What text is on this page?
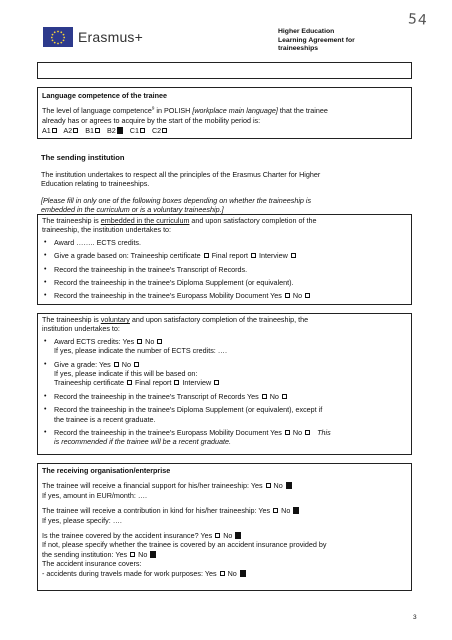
54
Erasmus+	Higher Education
Learning Agreement for
traineeships
Language competence of the trainee
The level of language competence$^9$ in POLISH [workplace main language] that the trainee
already has or agrees to acquire by the start of the mobility period is:
A1 A2 B1 B2 C1 C2
The sending institution
The institution undertakes to respect all the principles of the Erasmus Charter for Higher
Education relating to traineeships.
[Please fill in only one of the following boxes depending on whether the traineeship is
embedded in the curriculum or is a voluntary traineeship.]
The traineeship is embedded in the curriculum and upon satisfactory completion of the
traineeship, the institution undertakes to:
• Award …….. ECTS credits.
• Give a grade based on: Traineeship certificate Final report Interview
• Record the traineeship in the trainee's Transcript of Records.
• Record the traineeship in the trainee's Diploma Supplement (or equivalent).
• Record the traineeship in the trainee's Europass Mobility Document Yes No
The traineeship is voluntary and upon satisfactory completion of the traineeship, the
institution undertakes to:
• Award ECTS credits: Yes No
If yes, please indicate the number of ECTS credits: ….
• Give a grade: Yes No
If yes, please indicate if this will be based on:
Traineeship certificate Final report Interview
• Record the traineeship in the trainee's Transcript of Records Yes No
• Record the traineeship in the trainee's Diploma Supplement (or equivalent), except if
the trainee is a recent graduate.
• Record the traineeship in the trainee's Europass Mobility Document Yes No This
is recommended if the trainee will be a recent graduate.
The receiving organisation/enterprise
The trainee will receive a financial support for his/her traineeship: Yes No
If yes, amount in EUR/month: ….
The trainee will receive a contribution in kind for his/her traineeship: Yes No
If yes, please specify: ….
Is the trainee covered by the accident insurance? Yes No
If not, please specify whether the trainee is covered by an accident insurance provided by
the sending institution: Yes No
The accident insurance covers:
- accidents during travels made for work purposes: Yes No
3
